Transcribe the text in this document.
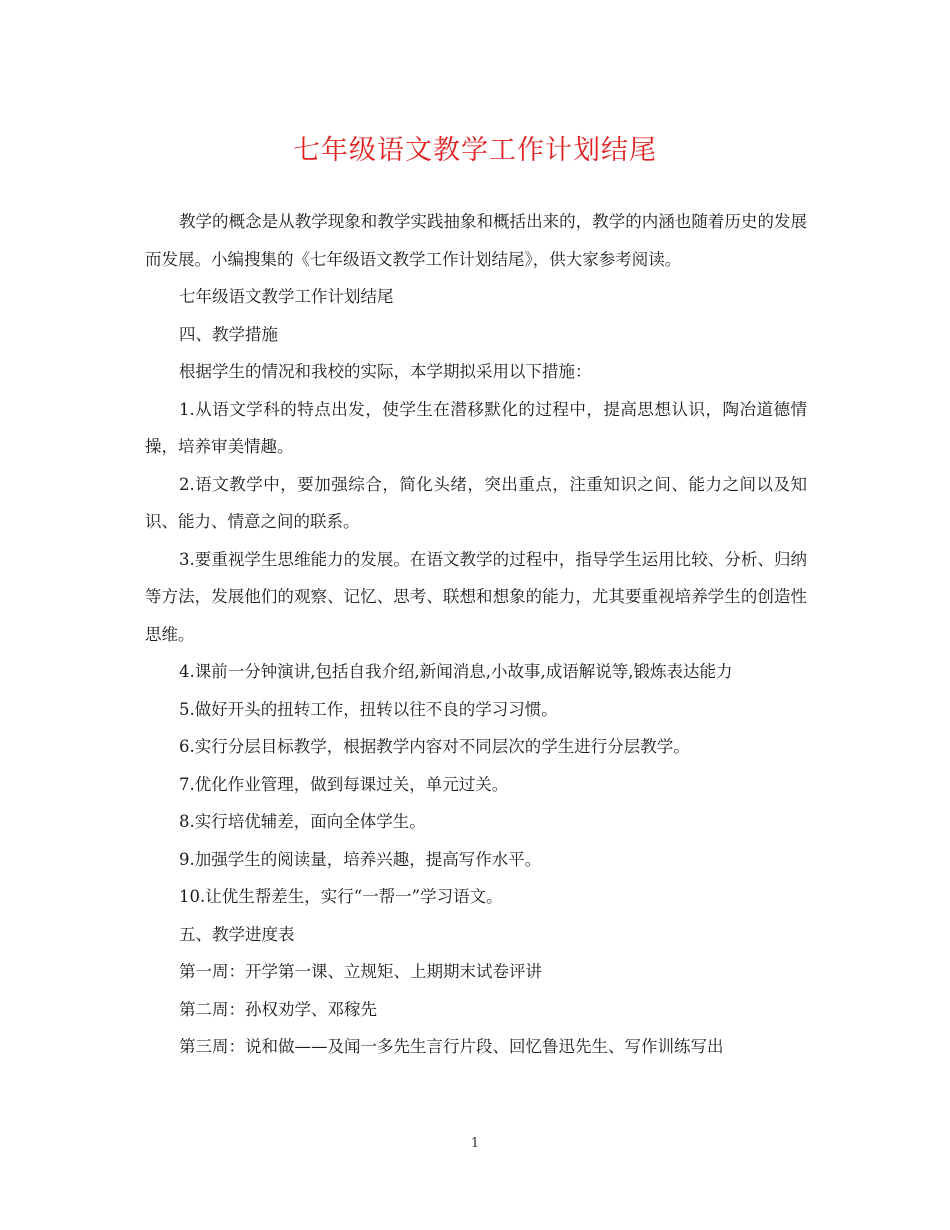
七年级语文教学工作计划结尾

教学的概念是从教学现象和教学实践抽象和概括出来的，教学的内涵也随着历史的发展而发展。小编搜集的《七年级语文教学工作计划结尾》，供大家参考阅读。

七年级语文教学工作计划结尾

四、教学措施

根据学生的情况和我校的实际，本学期拟采用以下措施：

1.从语文学科的特点出发，使学生在潜移默化的过程中，提高思想认识，陶冶道德情操，培养审美情趣。

2.语文教学中，要加强综合，简化头绪，突出重点，注重知识之间、能力之间以及知识、能力、情意之间的联系。

3.要重视学生思维能力的发展。在语文教学的过程中，指导学生运用比较、分析、归纳等方法，发展他们的观察、记忆、思考、联想和想象的能力，尤其要重视培养学生的创造性思维。

4.课前一分钟演讲,包括自我介绍,新闻消息,小故事,成语解说等,锻炼表达能力

5.做好开头的扭转工作，扭转以往不良的学习习惯。

6.实行分层目标教学，根据教学内容对不同层次的学生进行分层教学。

7.优化作业管理，做到每课过关，单元过关。

8.实行培优辅差，面向全体学生。

9.加强学生的阅读量，培养兴趣，提高写作水平。

10.让优生帮差生，实行“一帮一”学习语文。

五、教学进度表

第一周：开学第一课、立规矩、上期期末试卷评讲

第二周：孙权劝学、邓稼先

第三周：说和做——及闻一多先生言行片段、回忆鲁迅先生、写作训练写出

1
